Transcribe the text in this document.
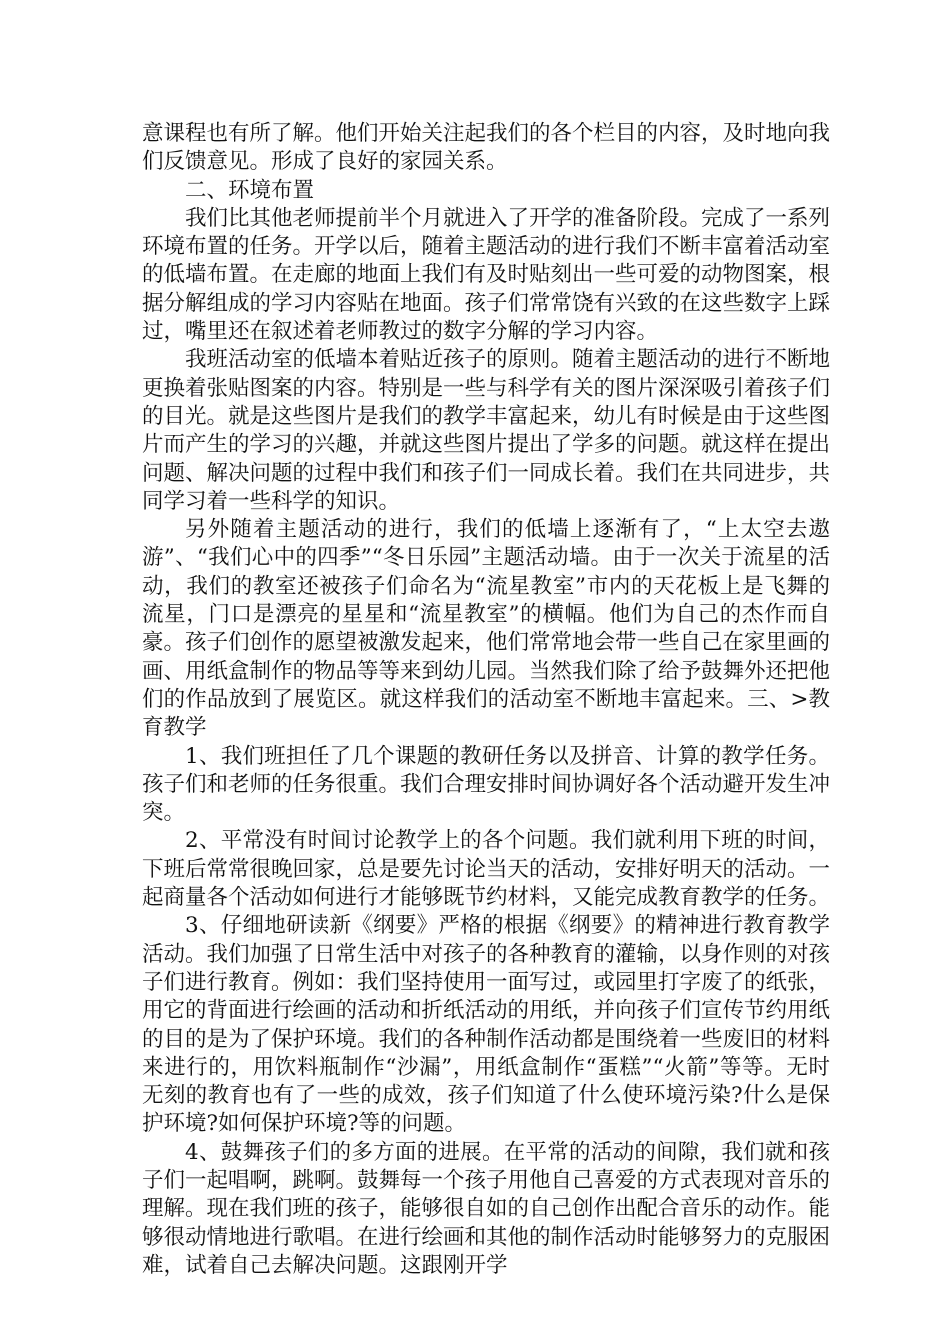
意课程也有所了解。他们开始关注起我们的各个栏目的内容，及时地向我们反馈意见。形成了良好的家园关系。

二、环境布置

我们比其他老师提前半个月就进入了开学的准备阶段。完成了一系列环境布置的任务。开学以后，随着主题活动的进行我们不断丰富着活动室的低墙布置。在走廊的地面上我们有及时贴刻出一些可爱的动物图案，根据分解组成的学习内容贴在地面。孩子们常常饶有兴致的在这些数字上踩过，嘴里还在叙述着老师教过的数字分解的学习内容。

我班活动室的低墙本着贴近孩子的原则。随着主题活动的进行不断地更换着张贴图案的内容。特别是一些与科学有关的图片深深吸引着孩子们的目光。就是这些图片是我们的教学丰富起来，幼儿有时候是由于这些图片而产生的学习的兴趣，并就这些图片提出了学多的问题。就这样在提出问题、解决问题的过程中我们和孩子们一同成长着。我们在共同进步，共同学习着一些科学的知识。

另外随着主题活动的进行，我们的低墙上逐渐有了，“上太空去遨游”、“我们心中的四季”“冬日乐园”主题活动墙。由于一次关于流星的活动，我们的教室还被孩子们命名为“流星教室”市内的天花板上是飞舞的流星，门口是漂亮的星星和“流星教室”的横幅。他们为自己的杰作而自豪。孩子们创作的愿望被激发起来，他们常常地会带一些自己在家里画的画、用纸盒制作的物品等等来到幼儿园。当然我们除了给予鼓舞外还把他们的作品放到了展览区。就这样我们的活动室不断地丰富起来。三、>教育教学

1、我们班担任了几个课题的教研任务以及拼音、计算的教学任务。孩子们和老师的任务很重。我们合理安排时间协调好各个活动避开发生冲突。

2、平常没有时间讨论教学上的各个问题。我们就利用下班的时间，下班后常常很晚回家，总是要先讨论当天的活动，安排好明天的活动。一起商量各个活动如何进行才能够既节约材料，又能完成教育教学的任务。

3、仔细地研读新《纲要》严格的根据《纲要》的精神进行教育教学活动。我们加强了日常生活中对孩子的各种教育的灌输，以身作则的对孩子们进行教育。例如：我们坚持使用一面写过，或园里打字废了的纸张，用它的背面进行绘画的活动和折纸活动的用纸，并向孩子们宣传节约用纸的目的是为了保护环境。我们的各种制作活动都是围绕着一些废旧的材料来进行的，用饮料瓶制作“沙漏”，用纸盒制作“蛋糕”“火箭”等等。无时无刻的教育也有了一些的成效，孩子们知道了什么使环境污染?什么是保护环境?如何保护环境?等的问题。

4、鼓舞孩子们的多方面的进展。在平常的活动的间隙，我们就和孩子们一起唱啊，跳啊。鼓舞每一个孩子用他自己喜爱的方式表现对音乐的理解。现在我们班的孩子，能够很自如的自己创作出配合音乐的动作。能够很动情地进行歌唱。在进行绘画和其他的制作活动时能够努力的克服困难，试着自己去解决问题。这跟刚开学
